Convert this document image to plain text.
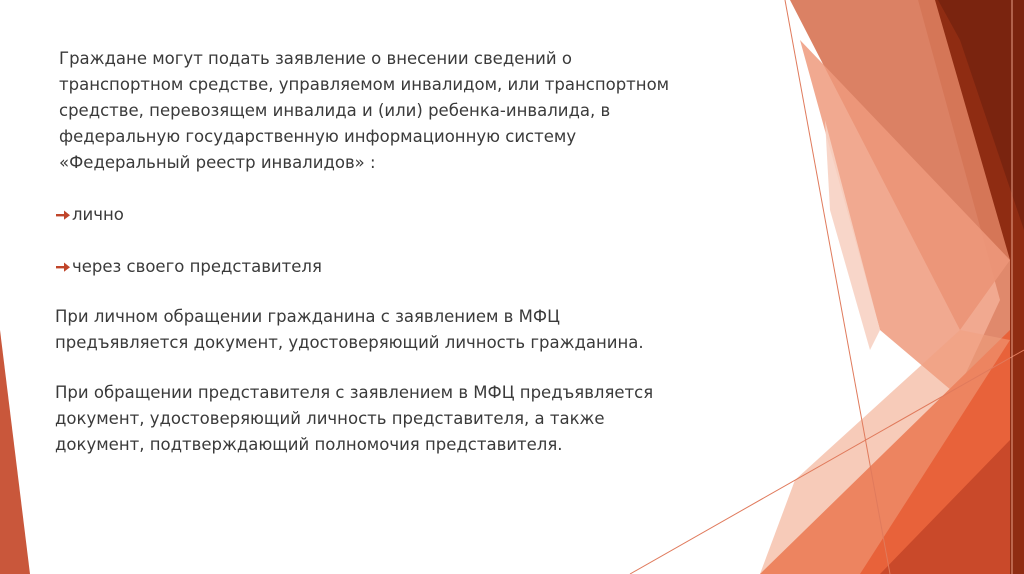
Граждане могут подать заявление о внесении сведений о

транспортном средстве, управляемом инвалидом, или транспортном

средстве, перевозящем инвалида и (или) ребенка-инвалида, в

федеральную государственную информационную систему

«Федеральный реестр инвалидов» :

лично

через своего представителя

При личном обращении гражданина с заявлением в МФЦ

предъявляется документ, удостоверяющий личность гражданина.

При обращении представителя с заявлением в МФЦ предъявляется

документ, удостоверяющий личность представителя, а также

документ, подтверждающий полномочия представителя.
